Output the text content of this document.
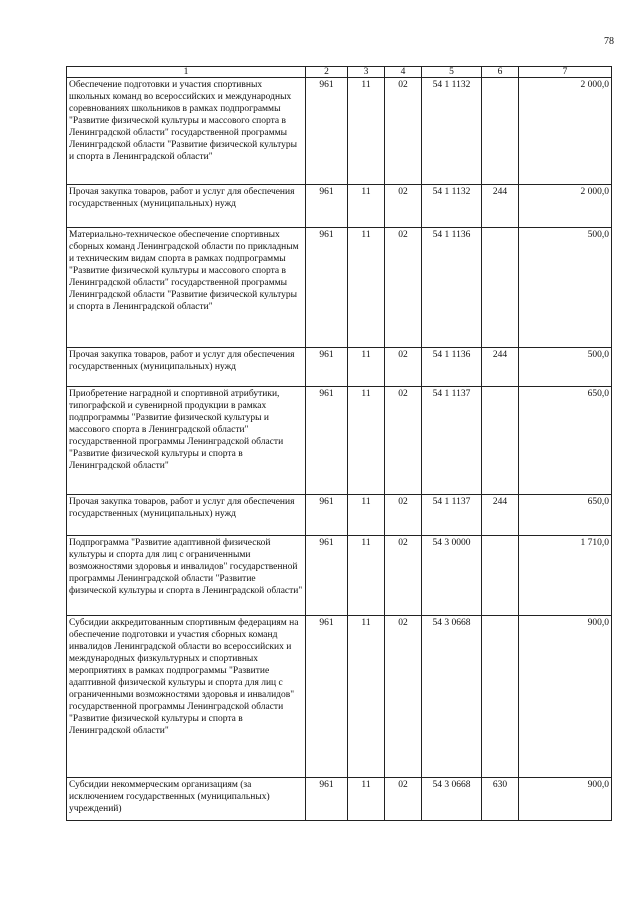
78
1	2	3	4	5	6	7
Обеспечение подготовки и участия спортивных школьных команд во всероссийских и международных соревнованиях школьников в рамках подпрограммы "Развитие физической культуры и массового спорта в Ленинградской области" государственной программы Ленинградской области "Развитие физической культуры и спорта в Ленинградской области"	961	11	02	54 1 1132		2 000,0
Прочая закупка товаров, работ и услуг для обеспечения государственных (муниципальных) нужд	961	11	02	54 1 1132	244	2 000,0
Материально-техническое обеспечение спортивных сборных команд Ленинградской области по прикладным и техническим видам спорта в рамках подпрограммы "Развитие физической культуры и массового спорта в Ленинградской области" государственной программы Ленинградской области "Развитие физической культуры и спорта в Ленинградской области"	961	11	02	54 1 1136		500,0
Прочая закупка товаров, работ и услуг для обеспечения государственных (муниципальных) нужд	961	11	02	54 1 1136	244	500,0
Приобретение наградной и спортивной атрибутики, типографской и сувенирной продукции в рамках подпрограммы "Развитие физической культуры и массового спорта в Ленинградской области" государственной программы Ленинградской области "Развитие физической культуры и спорта в Ленинградской области"	961	11	02	54 1 1137		650,0
Прочая закупка товаров, работ и услуг для обеспечения государственных (муниципальных) нужд	961	11	02	54 1 1137	244	650,0
Подпрограмма "Развитие адаптивной физической культуры и спорта для лиц с ограниченными возможностями здоровья и инвалидов" государственной программы Ленинградской области "Развитие физической культуры и спорта в Ленинградской области"	961	11	02	54 3 0000		1 710,0
Субсидии аккредитованным спортивным федерациям на обеспечение подготовки и участия сборных команд инвалидов Ленинградской области во всероссийских и международных физкультурных и спортивных мероприятиях в рамках подпрограммы "Развитие адаптивной физической культуры и спорта для лиц с ограниченными возможностями здоровья и инвалидов" государственной программы Ленинградской области "Развитие физической культуры и спорта в Ленинградской области"	961	11	02	54 3 0668		900,0
Субсидии некоммерческим организациям (за исключением государственных (муниципальных) учреждений)	961	11	02	54 3 0668	630	900,0
